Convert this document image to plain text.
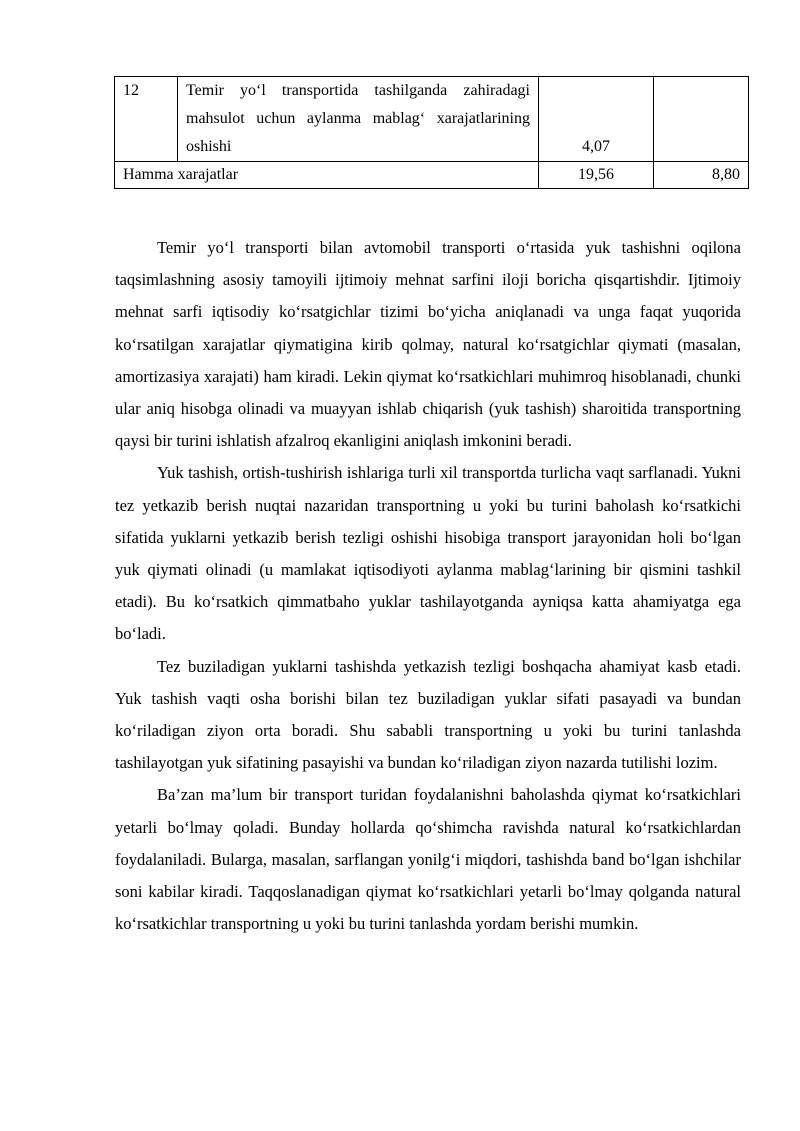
12	Temir yo‘l transportida tashilganda zahiradagi mahsulot uchun aylanma mablag‘ xarajatlarining oshishi	4,07	
Hamma xarajatlar		19,56	8,80

Temir yo‘l transporti bilan avtomobil transporti o‘rtasida yuk tashishni oqilona taqsimlashning asosiy tamoyili ijtimoiy mehnat sarfini iloji boricha qisqartishdir. Ijtimoiy mehnat sarfi iqtisodiy ko‘rsatgichlar tizimi bo‘yicha aniqlanadi va unga faqat yuqorida ko‘rsatilgan xarajatlar qiymatigina kirib qolmay, natural ko‘rsatgichlar qiymati (masalan, amortizasiya xarajati) ham kiradi. Lekin qiymat ko‘rsatkichlari muhimroq hisoblanadi, chunki ular aniq hisobga olinadi va muayyan ishlab chiqarish (yuk tashish) sharoitida transportning qaysi bir turini ishlatish afzalroq ekanligini aniqlash imkonini beradi.

Yuk tashish, ortish-tushirish ishlariga turli xil transportda turlicha vaqt sarflanadi. Yukni tez yetkazib berish nuqtai nazaridan transportning u yoki bu turini baholash ko‘rsatkichi sifatida yuklarni yetkazib berish tezligi oshishi hisobiga transport jarayonidan holi bo‘lgan yuk qiymati olinadi (u mamlakat iqtisodiyoti aylanma mablag‘larining bir qismini tashkil etadi). Bu ko‘rsatkich qimmatbaho yuklar tashilayotganda ayniqsa katta ahamiyatga ega bo‘ladi.

Tez buziladigan yuklarni tashishda yetkazish tezligi boshqacha ahamiyat kasb etadi. Yuk tashish vaqti osha borishi bilan tez buziladigan yuklar sifati pasayadi va bundan ko‘riladigan ziyon orta boradi. Shu sababli transportning u yoki bu turini tanlashda tashilayotgan yuk sifatining pasayishi va bundan ko‘riladigan ziyon nazarda tutilishi lozim.

Ba’zan ma’lum bir transport turidan foydalanishni baholashda qiymat ko‘rsatkichlari yetarli bo‘lmay qoladi. Bunday hollarda qo‘shimcha ravishda natural ko‘rsatkichlardan foydalaniladi. Bularga, masalan, sarflangan yonilg‘i miqdori, tashishda band bo‘lgan ishchilar soni kabilar kiradi. Taqqoslanadigan qiymat ko‘rsatkichlari yetarli bo‘lmay qolganda natural ko‘rsatkichlar transportning u yoki bu turini tanlashda yordam berishi mumkin.
